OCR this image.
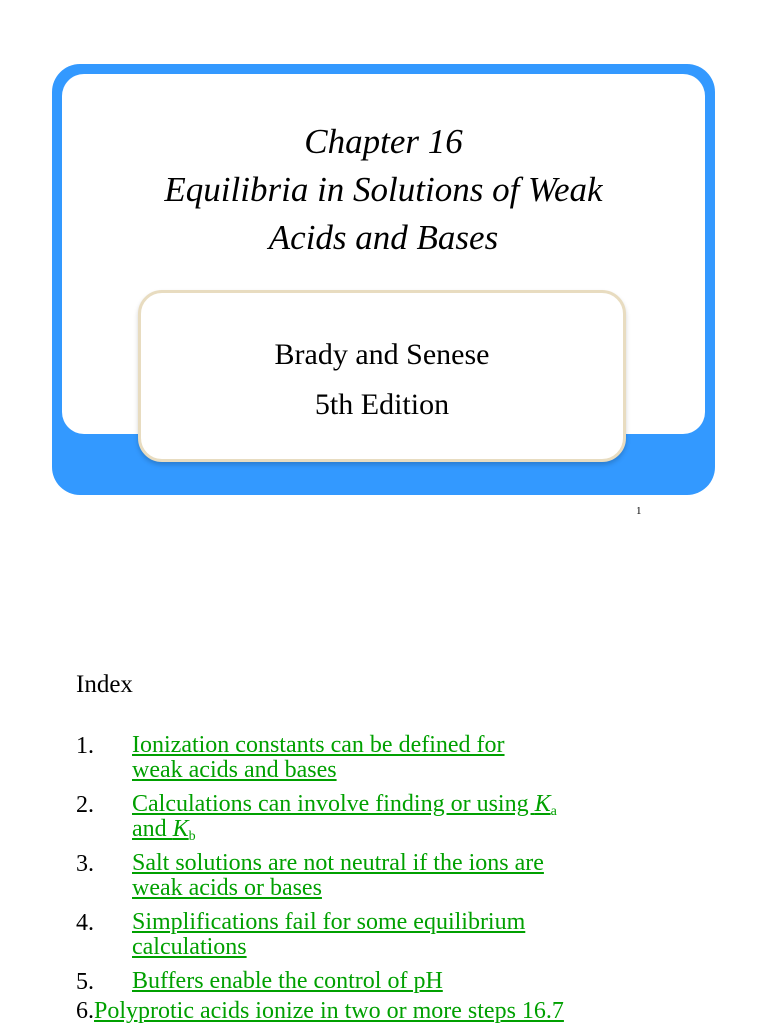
Chapter 16
Equilibria in Solutions of Weak
Acids and Bases
Brady and Senese
5th Edition
1
Index
1. Ionization constants can be defined for
weak acids and bases
2. Calculations can involve finding or using $K_a$
and $K_b$
3. Salt solutions are not neutral if the ions are
weak acids or bases
4. Simplifications fail for some equilibrium
calculations
5. Buffers enable the control of pH
6.Polyprotic acids ionize in two or more steps 16.7
